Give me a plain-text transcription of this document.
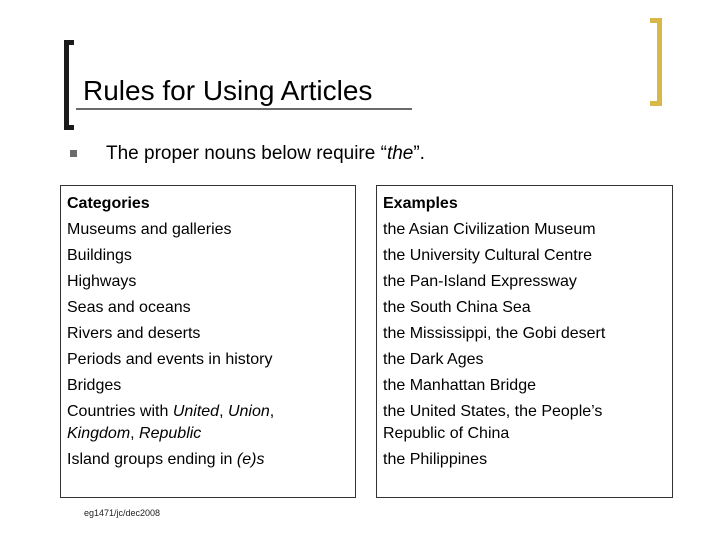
Rules for Using Articles
The proper nouns below require “the”.
Categories
Museums and galleries
Buildings
Highways
Seas and oceans
Rivers and deserts
Periods and events in history
Bridges
Countries with United, Union,
Kingdom, Republic
Island groups ending in (e)s
Examples
the Asian Civilization Museum
the University Cultural Centre
the Pan-Island Expressway
the South China Sea
the Mississippi, the Gobi desert
the Dark Ages
the Manhattan Bridge
the United States, the People’s
Republic of China
the Philippines
eg1471/jc/dec2008
